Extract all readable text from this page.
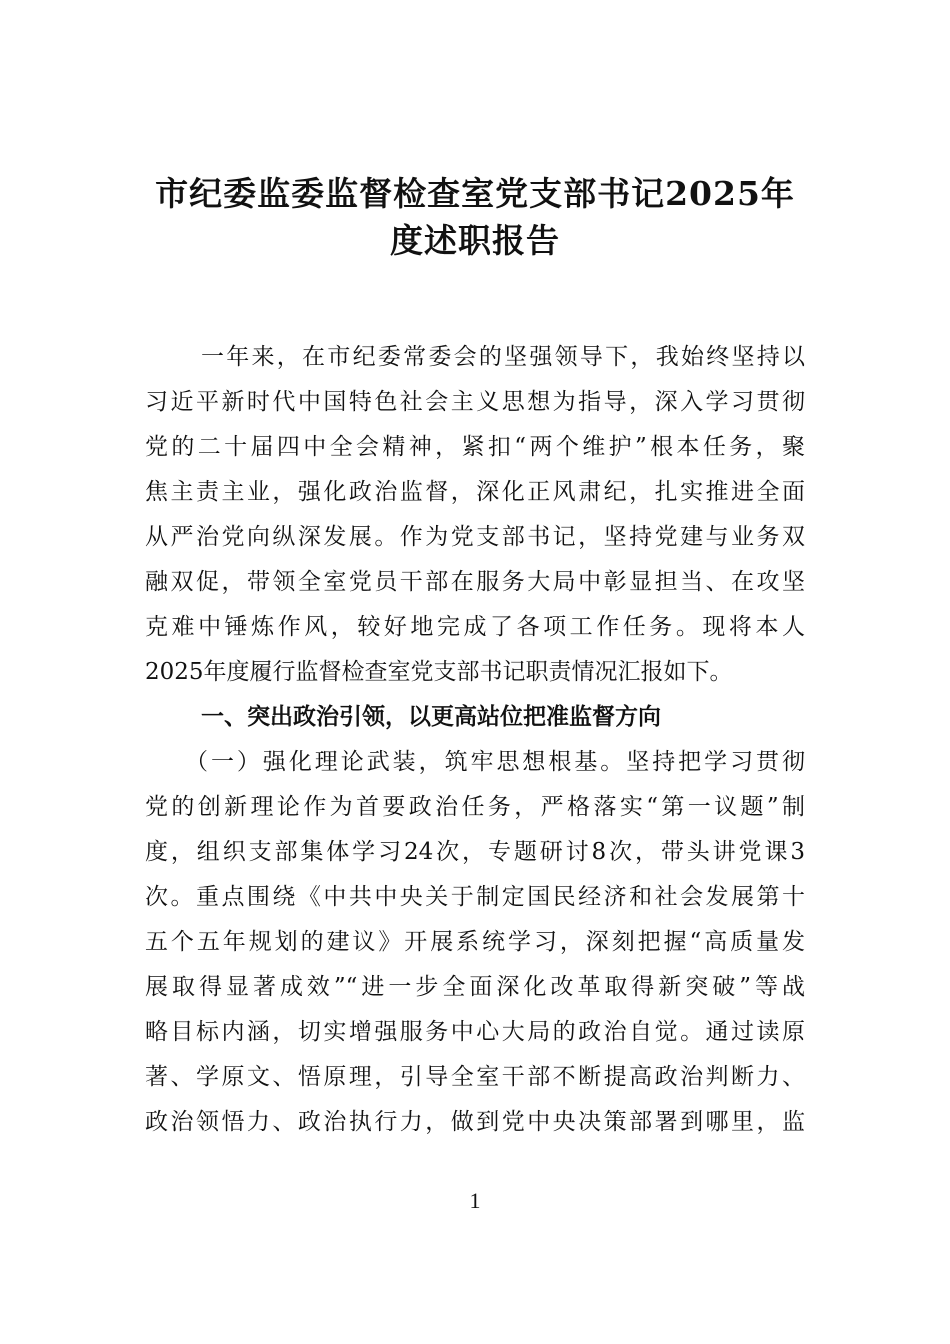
市纪委监委监督检查室党支部书记2025年
度述职报告
一年来，在市纪委常委会的坚强领导下，我始终坚持以
习近平新时代中国特色社会主义思想为指导，深入学习贯彻
党的二十届四中全会精神，紧扣“两个维护”根本任务，聚
焦主责主业，强化政治监督，深化正风肃纪，扎实推进全面
从严治党向纵深发展。作为党支部书记，坚持党建与业务双
融双促，带领全室党员干部在服务大局中彰显担当、在攻坚
克难中锤炼作风，较好地完成了各项工作任务。现将本人
2025年度履行监督检查室党支部书记职责情况汇报如下。
一、突出政治引领，以更高站位把准监督方向
（一）强化理论武装，筑牢思想根基。坚持把学习贯彻
党的创新理论作为首要政治任务，严格落实“第一议题”制
度，组织支部集体学习24次，专题研讨8次，带头讲党课3
次。重点围绕《中共中央关于制定国民经济和社会发展第十
五个五年规划的建议》开展系统学习，深刻把握“高质量发
展取得显著成效”“进一步全面深化改革取得新突破”等战
略目标内涵，切实增强服务中心大局的政治自觉。通过读原
著、学原文、悟原理，引导全室干部不断提高政治判断力、
政治领悟力、政治执行力，做到党中央决策部署到哪里，监
1
